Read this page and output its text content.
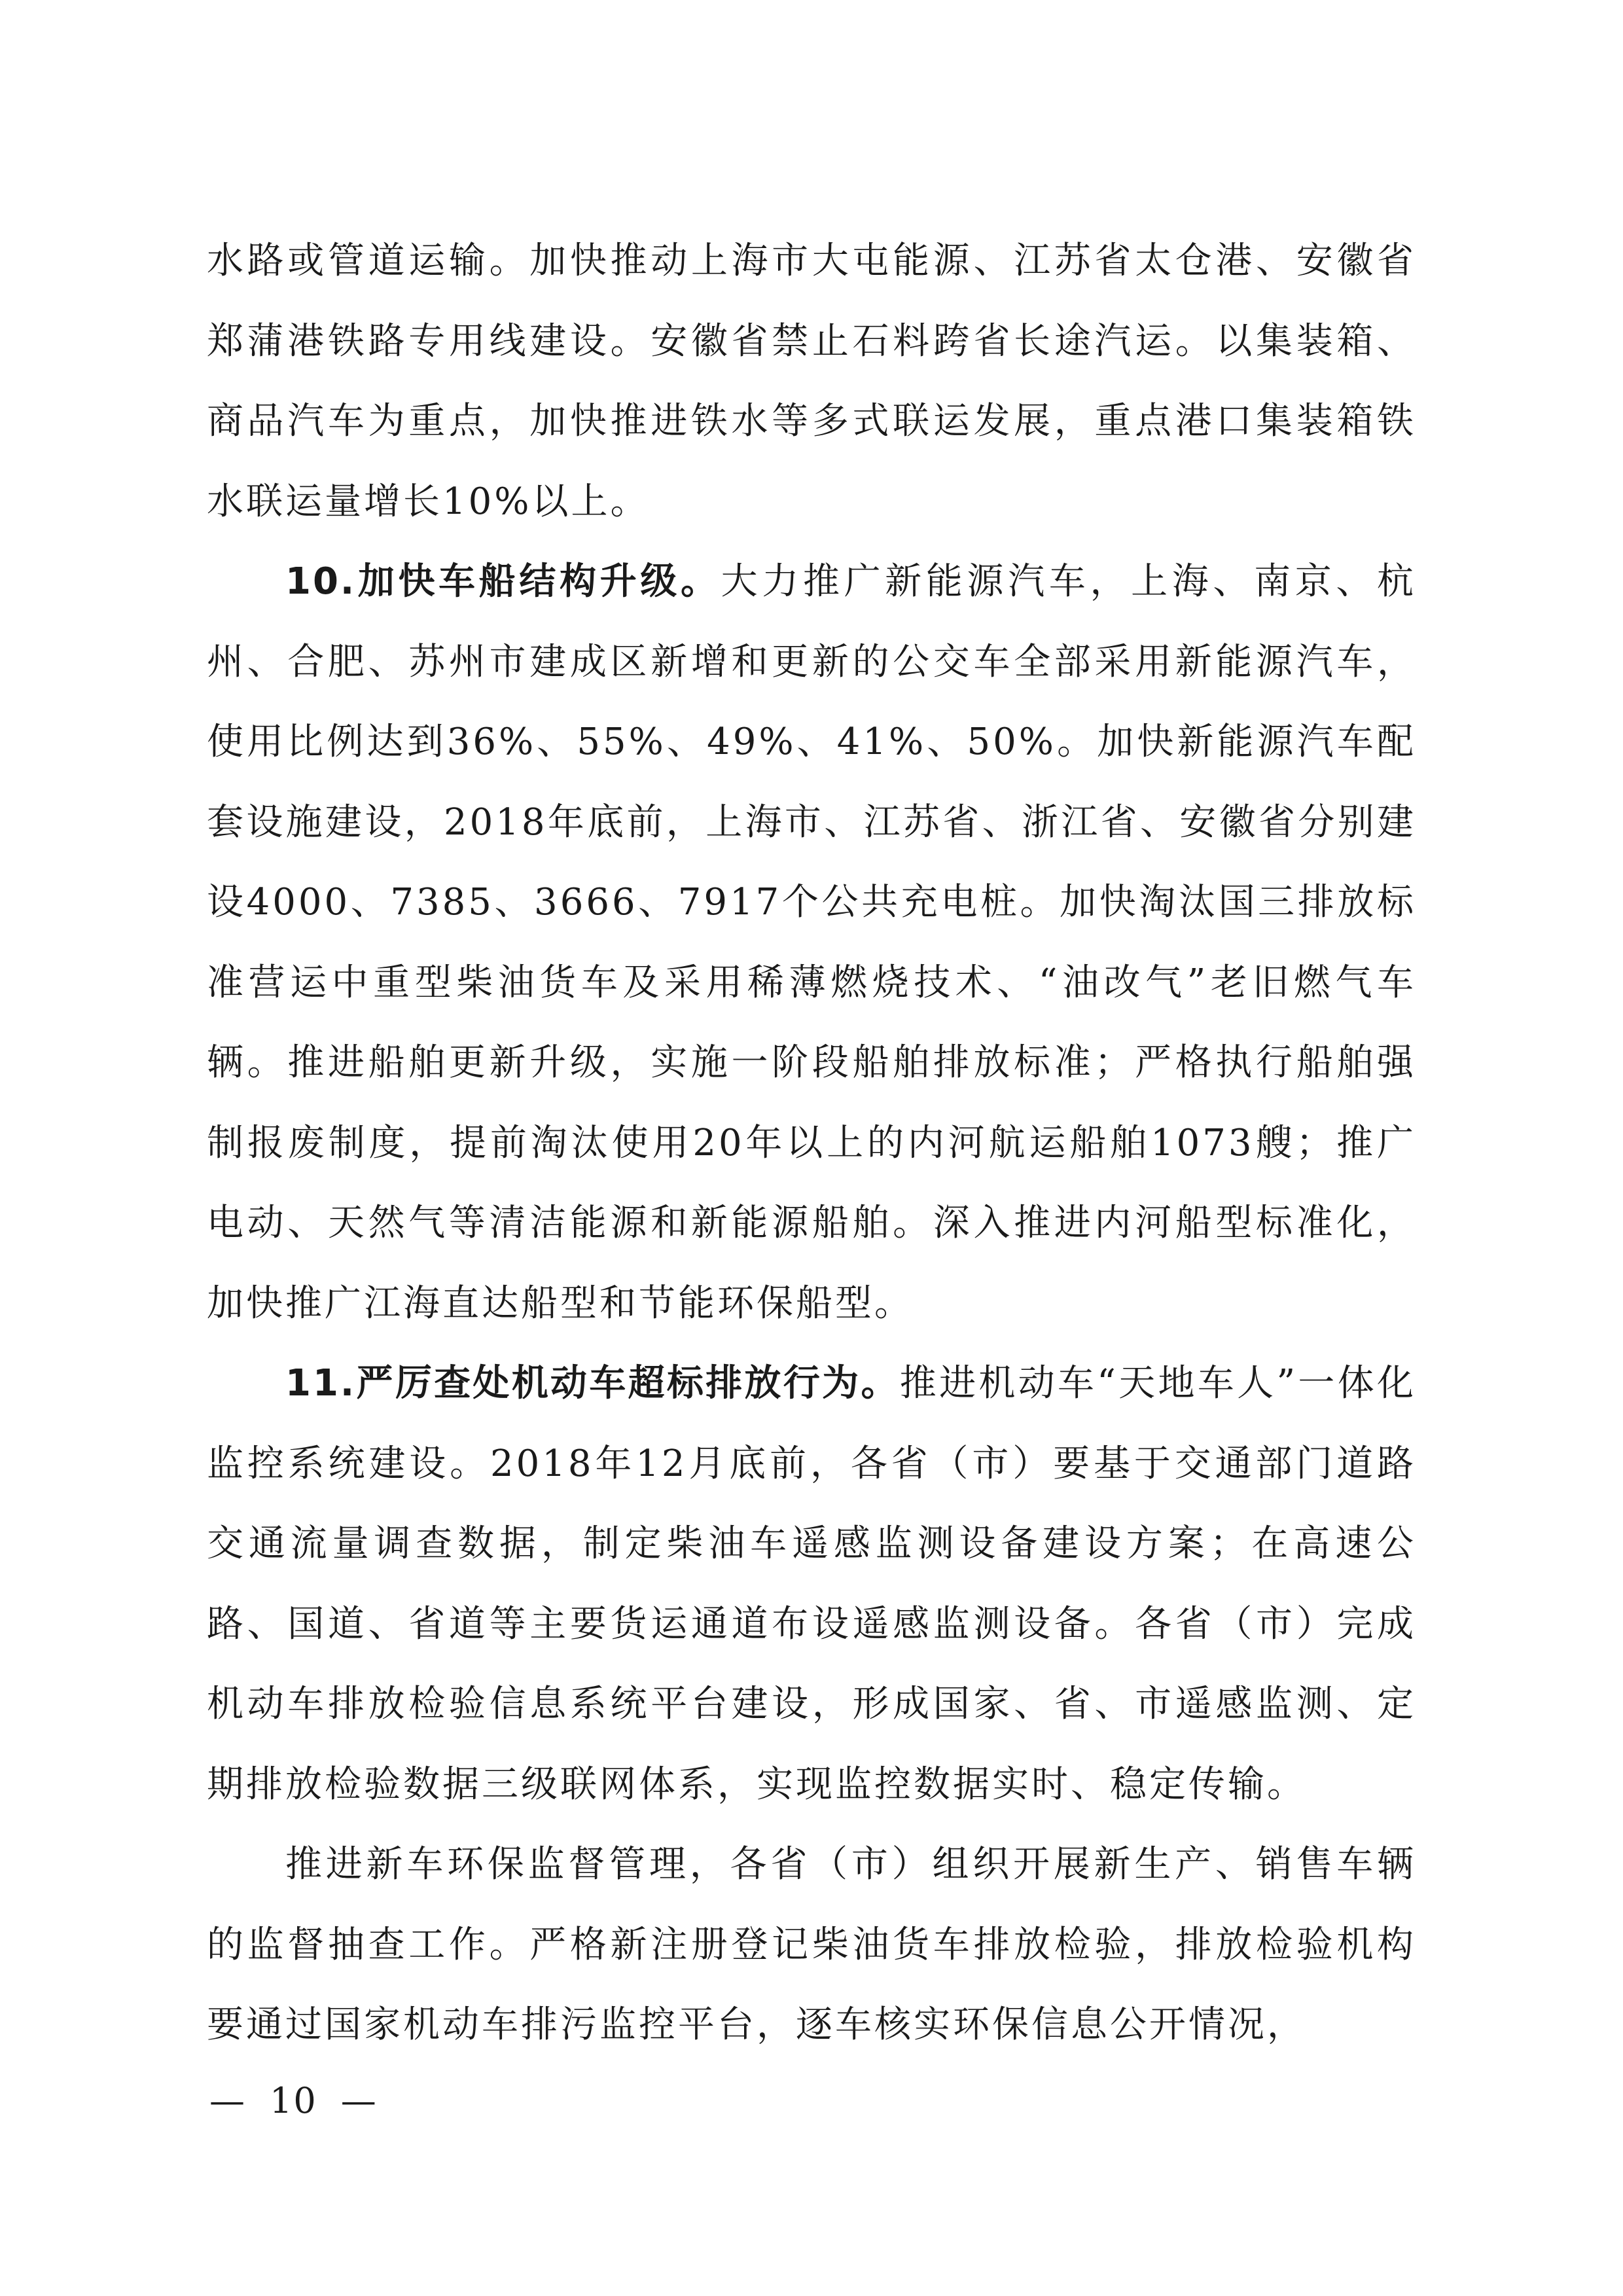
水路或管道运输。加快推动上海市大屯能源、江苏省太仓港、安徽省郑蒲港铁路专用线建设。安徽省禁止石料跨省长途汽运。以集装箱、商品汽车为重点，加快推进铁水等多式联运发展，重点港口集装箱铁水联运量增长10%以上。

10.加快车船结构升级。大力推广新能源汽车，上海、南京、杭州、合肥、苏州市建成区新增和更新的公交车全部采用新能源汽车，使用比例达到36%、55%、49%、41%、50%。加快新能源汽车配套设施建设，2018年底前，上海市、江苏省、浙江省、安徽省分别建设4000、7385、3666、7917个公共充电桩。加快淘汰国三排放标准营运中重型柴油货车及采用稀薄燃烧技术、“油改气”老旧燃气车辆。推进船舶更新升级，实施一阶段船舶排放标准；严格执行船舶强制报废制度，提前淘汰使用20年以上的内河航运船舶1073艘；推广电动、天然气等清洁能源和新能源船舶。深入推进内河船型标准化，加快推广江海直达船型和节能环保船型。

11.严厉查处机动车超标排放行为。推进机动车“天地车人”一体化监控系统建设。2018年12月底前，各省（市）要基于交通部门道路交通流量调查数据，制定柴油车遥感监测设备建设方案；在高速公路、国道、省道等主要货运通道布设遥感监测设备。各省（市）完成机动车排放检验信息系统平台建设，形成国家、省、市遥感监测、定期排放检验数据三级联网体系，实现监控数据实时、稳定传输。

推进新车环保监督管理，各省（市）组织开展新生产、销售车辆的监督抽查工作。严格新注册登记柴油货车排放检验，排放检验机构要通过国家机动车排污监控平台，逐车核实环保信息公开情况，

— 10 —
